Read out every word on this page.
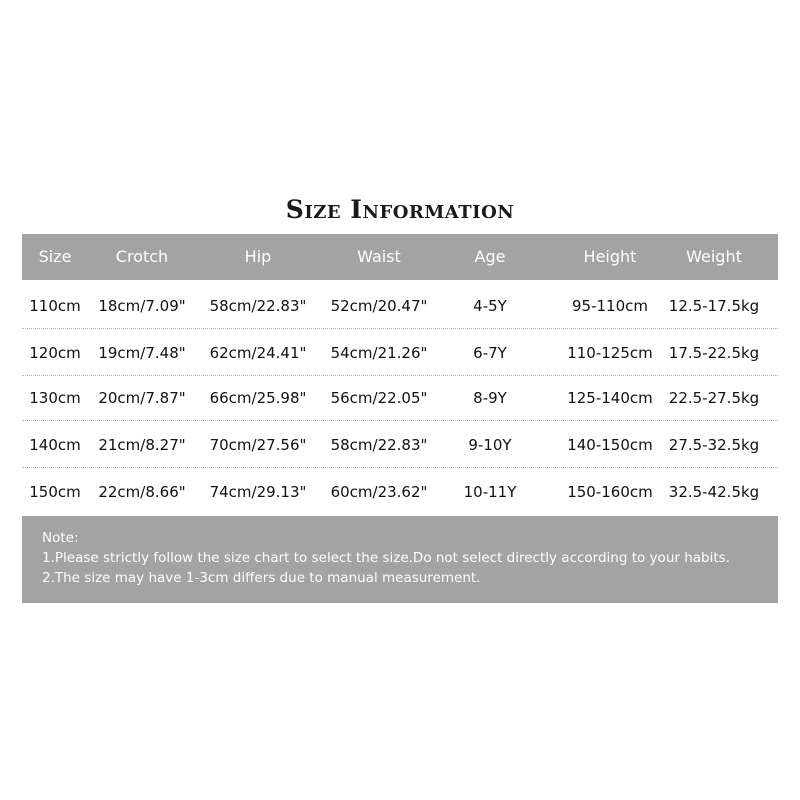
Size Information
Size	Crotch	Hip	Waist	Age	Height	Weight
110cm	18cm/7.09"	58cm/22.83"	52cm/20.47"	4-5Y	95-110cm	12.5-17.5kg
120cm	19cm/7.48"	62cm/24.41"	54cm/21.26"	6-7Y	110-125cm	17.5-22.5kg
130cm	20cm/7.87"	66cm/25.98"	56cm/22.05"	8-9Y	125-140cm	22.5-27.5kg
140cm	21cm/8.27"	70cm/27.56"	58cm/22.83"	9-10Y	140-150cm	27.5-32.5kg
150cm	22cm/8.66"	74cm/29.13"	60cm/23.62"	10-11Y	150-160cm	32.5-42.5kg
Note:
1.Please strictly follow the size chart to select the size.Do not select directly according to your habits.
2.The size may have 1-3cm differs due to manual measurement.
